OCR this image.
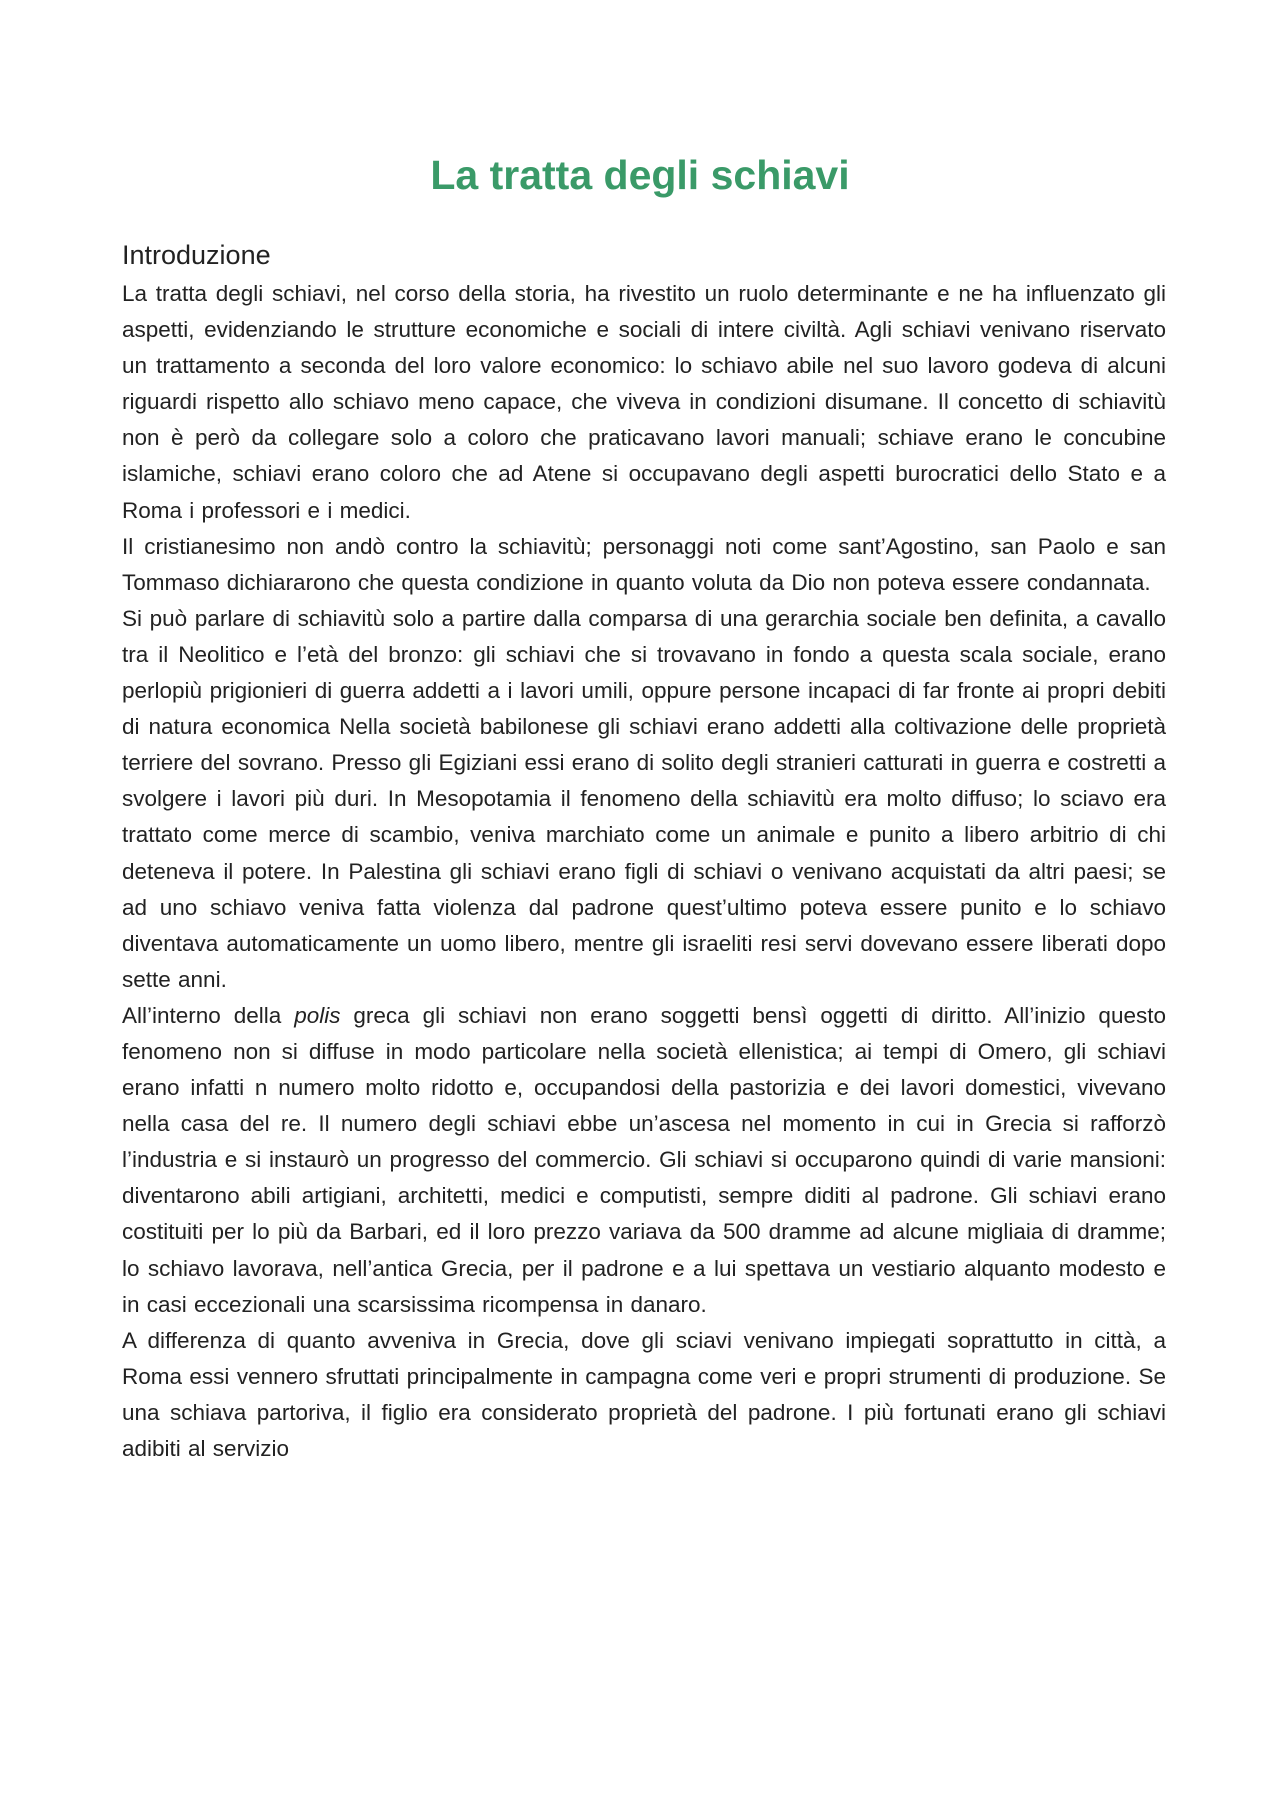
La tratta degli schiavi
Introduzione

La tratta degli schiavi, nel corso della storia, ha rivestito un ruolo determinante e ne ha influenzato gli aspetti, evidenziando le strutture economiche e sociali di intere civiltà. Agli schiavi venivano riservato un trattamento a seconda del loro valore economico: lo schiavo abile nel suo lavoro godeva di alcuni riguardi rispetto allo schiavo meno capace, che viveva in condizioni disumane. Il concetto di schiavitù non è però da collegare solo a coloro che praticavano lavori manuali; schiave erano le concubine islamiche, schiavi erano coloro che ad Atene si occupavano degli aspetti burocratici dello Stato e a Roma i professori e i medici.

Il cristianesimo non andò contro la schiavitù; personaggi noti come sant’Agostino, san Paolo e san Tommaso dichiararono che questa condizione in quanto voluta da Dio non poteva essere condannata.

Si può parlare di schiavitù solo a partire dalla comparsa di una gerarchia sociale ben definita, a cavallo tra il Neolitico e l’età del bronzo: gli schiavi che si trovavano in fondo a questa scala sociale, erano perlopiù prigionieri di guerra addetti a i lavori umili, oppure persone incapaci di far fronte ai propri debiti di natura economica Nella società babilonese gli schiavi erano addetti alla coltivazione delle proprietà terriere del sovrano. Presso gli Egiziani essi erano di solito degli stranieri catturati in guerra e costretti a svolgere i lavori più duri. In Mesopotamia il fenomeno della schiavitù era molto diffuso; lo sciavo era trattato come merce di scambio, veniva marchiato come un animale e punito a libero arbitrio di chi deteneva il potere. In Palestina gli schiavi erano figli di schiavi o venivano acquistati da altri paesi; se ad uno schiavo veniva fatta violenza dal padrone quest’ultimo poteva essere punito e lo schiavo diventava automaticamente un uomo libero, mentre gli israeliti resi servi dovevano essere liberati dopo sette anni.

All’interno della polis greca gli schiavi non erano soggetti bensì oggetti di diritto. All’inizio questo fenomeno non si diffuse in modo particolare nella società ellenistica; ai tempi di Omero, gli schiavi erano infatti n numero molto ridotto e, occupandosi della pastorizia e dei lavori domestici, vivevano nella casa del re. Il numero degli schiavi ebbe un’ascesa nel momento in cui in Grecia si rafforzò l’industria e si instaurò un progresso del commercio. Gli schiavi si occuparono quindi di varie mansioni: diventarono abili artigiani, architetti, medici e computisti, sempre diditi al padrone. Gli schiavi erano costituiti per lo più da Barbari, ed il loro prezzo variava da 500 dramme ad alcune migliaia di dramme; lo schiavo lavorava, nell’antica Grecia, per il padrone e a lui spettava un vestiario alquanto modesto e in casi eccezionali una scarsissima ricompensa in danaro.

A differenza di quanto avveniva in Grecia, dove gli sciavi venivano impiegati soprattutto in città, a Roma essi vennero sfruttati principalmente in campagna come veri e propri strumenti di produzione. Se una schiava partoriva, il figlio era considerato proprietà del padrone. I più fortunati erano gli schiavi adibiti al servizio
